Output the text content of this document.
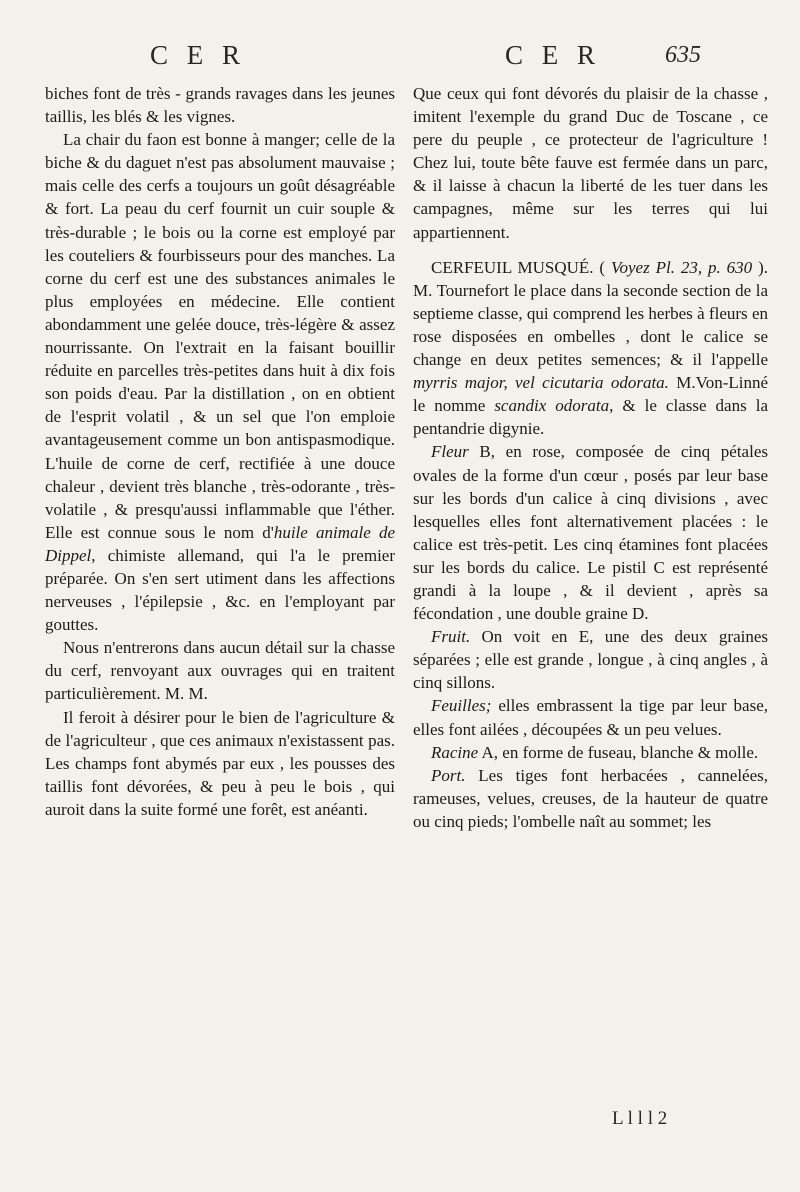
C E R	C E R	635

biches font de très - grands ravages dans les jeunes taillis, les blés & les vignes.

La chair du faon est bonne à manger; celle de la biche & du daguet n'est pas absolument mauvaise ; mais celle des cerfs a toujours un goût désagréable & fort. La peau du cerf fournit un cuir souple & très-durable ; le bois ou la corne est employé par les couteliers & fourbisseurs pour des manches. La corne du cerf est une des substances animales le plus employées en médecine. Elle contient abondamment une gelée douce, très-légère & assez nourrissante. On l'extrait en la faisant bouillir réduite en parcelles très-petites dans huit à dix fois son poids d'eau. Par la distillation , on en obtient de l'esprit volatil , & un sel que l'on emploie avantageusement comme un bon antispasmodique. L'huile de corne de cerf, rectifiée à une douce chaleur , devient très blanche , très-odorante , très-volatile , & presqu'aussi inflammable que l'éther. Elle est connue sous le nom d'huile animale de Dippel, chimiste allemand, qui l'a le premier préparée. On s'en sert utiment dans les affections nerveuses , l'épilepsie , &c. en l'employant par gouttes.

Nous n'entrerons dans aucun détail sur la chasse du cerf, renvoyant aux ouvrages qui en traitent particulièrement. M. M.

Il feroit à désirer pour le bien de l'agriculture & de l'agriculteur , que ces animaux n'existassent pas. Les champs font abymés par eux , les pousses des taillis font dévorées, & peu à peu le bois , qui auroit dans la suite formé une forêt, est anéanti.

Que ceux qui font dévorés du plaisir de la chasse , imitent l'exemple du grand Duc de Toscane , ce pere du peuple , ce protecteur de l'agriculture ! Chez lui, toute bête fauve est fermée dans un parc, & il laisse à chacun la liberté de les tuer dans les campagnes, même sur les terres qui lui appartiennent.

CERFEUIL MUSQUÉ. ( Voyez Pl. 23, p. 630 ). M. Tournefort le place dans la seconde section de la septieme classe, qui comprend les herbes à fleurs en rose disposées en ombelles , dont le calice se change en deux petites semences; & il l'appelle myrris major, vel cicutaria odorata. M.Von-Linné le nomme scandix odorata, & le classe dans la pentandrie digynie.

Fleur B, en rose, composée de cinq pétales ovales de la forme d'un cœur , posés par leur base sur les bords d'un calice à cinq divisions , avec lesquelles elles font alternativement placées : le calice est très-petit. Les cinq étamines font placées sur les bords du calice. Le pistil C est représenté grandi à la loupe , & il devient , après sa fécondation , une double graine D.

Fruit. On voit en E, une des deux graines séparées ; elle est grande , longue , à cinq angles , à cinq sillons.

Feuilles; elles embrassent la tige par leur base, elles font ailées , découpées & un peu velues.

Racine A, en forme de fuseau, blanche & molle.

Port. Les tiges font herbacées , cannelées, rameuses, velues, creuses, de la hauteur de quatre ou cinq pieds; l'ombelle naît au sommet; les

L l l l 2
